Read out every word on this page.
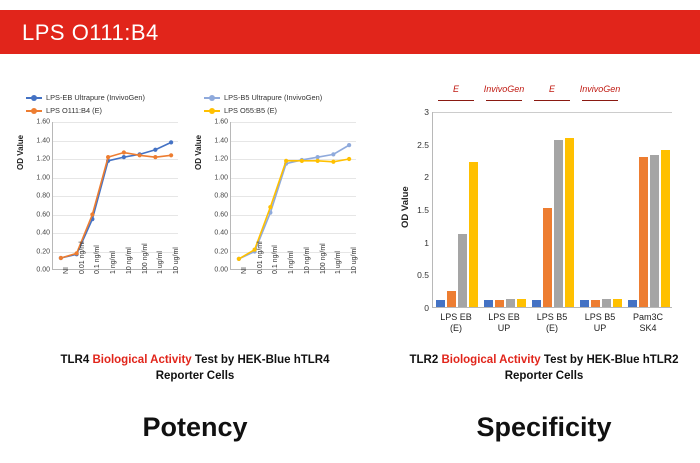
LPS O111:B4
LPS-EB Ultrapure (InvivoGen)
LPS O111:B4 (E)
OD Value
0.00
0.20
0.40
0.60
0.80
1.00
1.20
1.40
1.60
NI 0.01 ng/ml 0.1 ng/ml 1 ng/ml 10 ng/ml 100 ng/ml 1 ug/ml 10 ug/ml
LPS-B5 Ultrapure (InvivoGen)
LPS O55:B5 (E)
OD Value
0.00
0.20
0.40
0.60
0.80
1.00
1.20
1.40
1.60
NI 0.01 ng/ml 0.1 ng/ml 1 ng/ml 10 ng/ml 100 ng/ml 1 ug/ml 10 ug/ml
OD Value
E	InvivoGen	E	InvivoGen
0
0.5
1
1.5
2
2.5
3
LPS EB
(E)
LPS EB
UP
LPS B5
(E)
LPS B5
UP
Pam3C
SK4
TLR4 Biological Activity Test by HEK-Blue hTLR4 Reporter Cells
TLR2 Biological Activity Test by HEK-Blue hTLR2 Reporter Cells
Potency	Specificity
